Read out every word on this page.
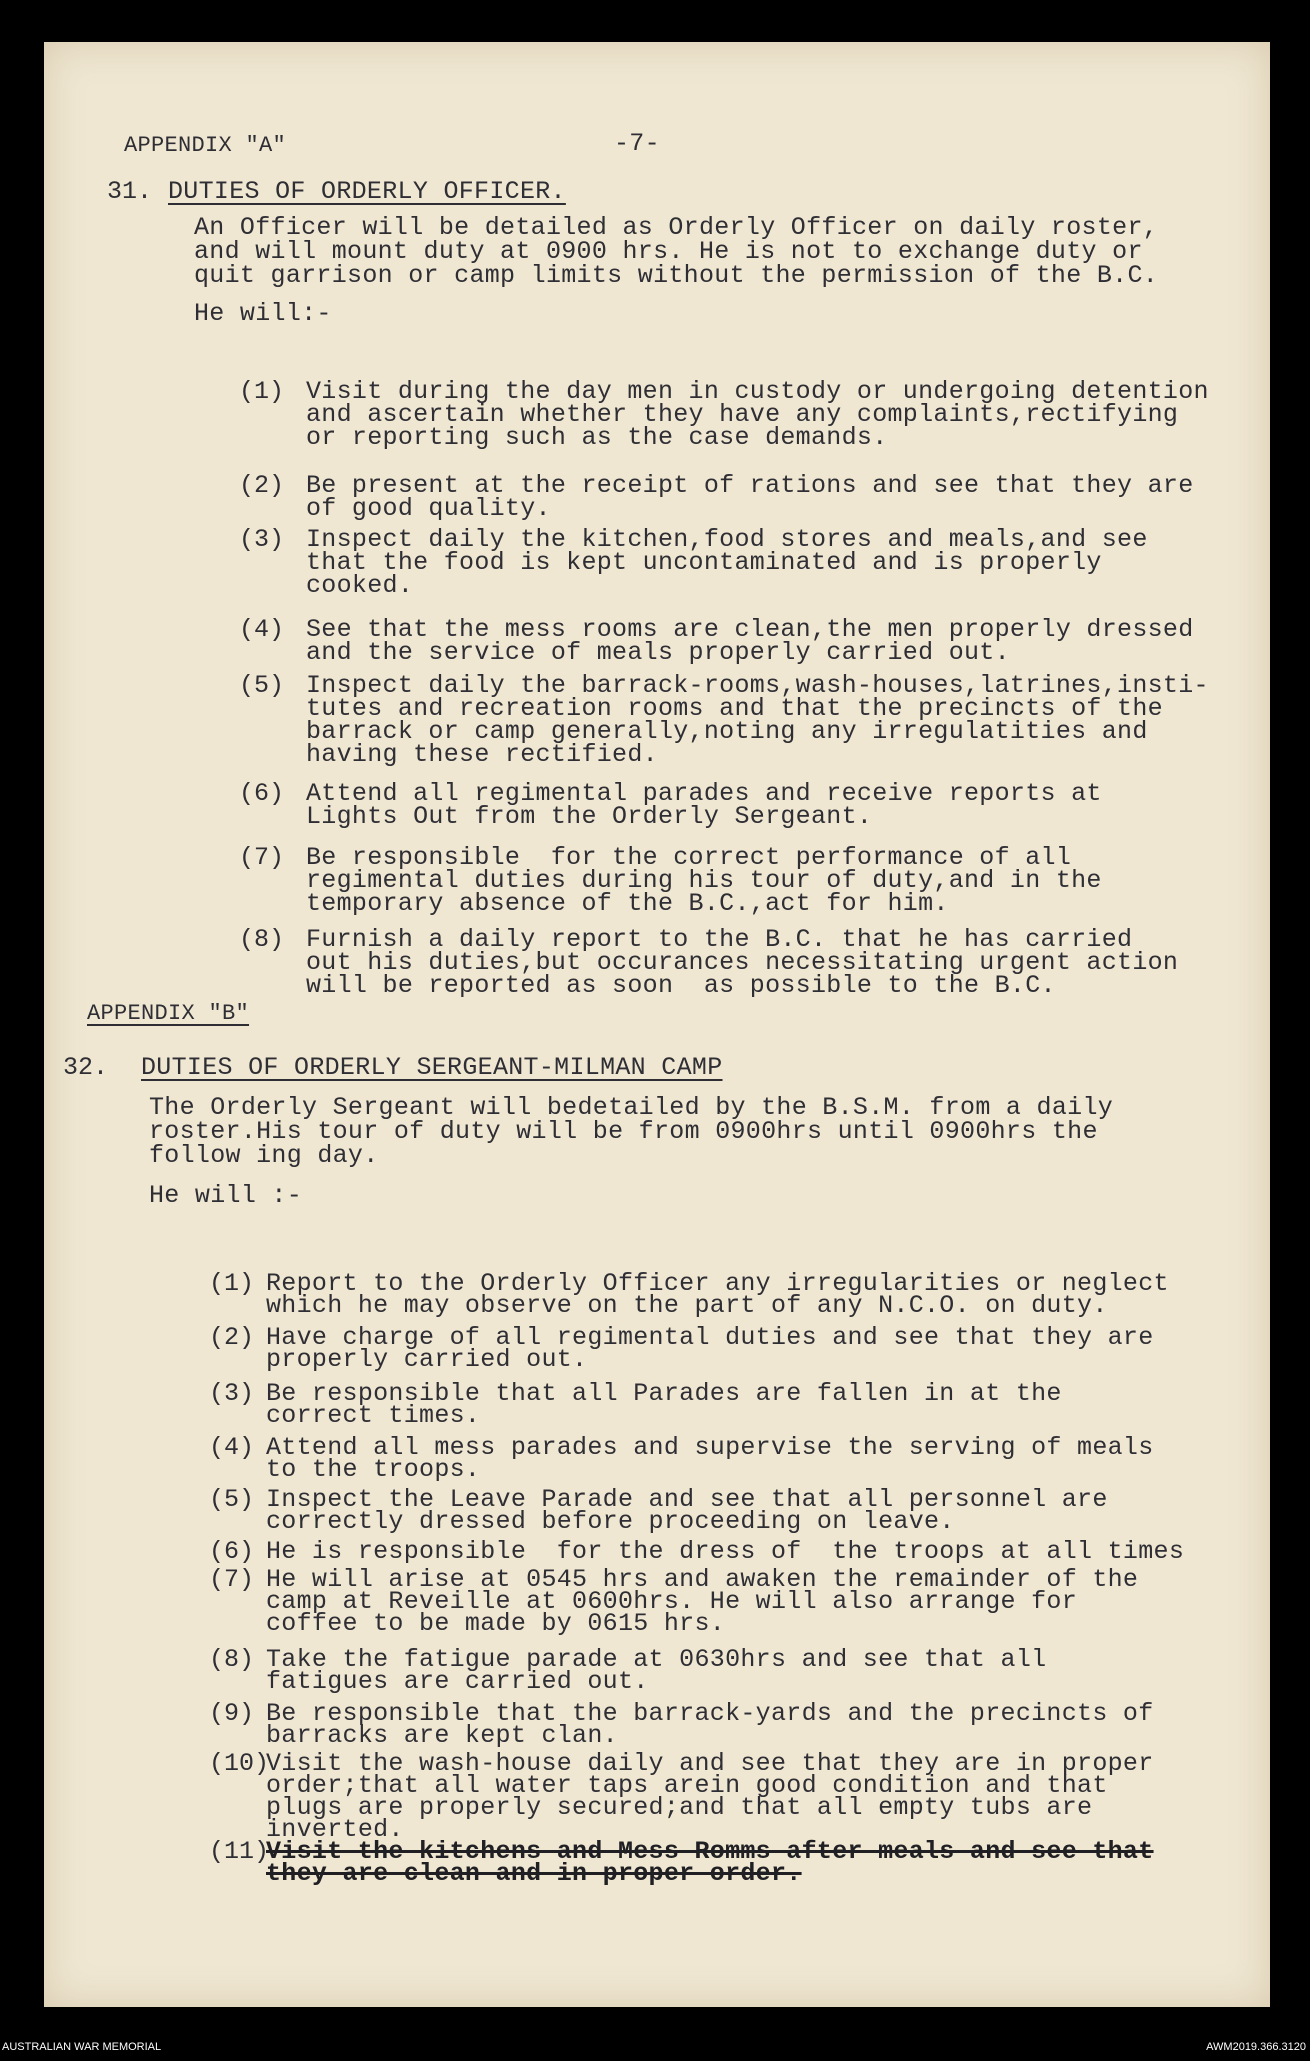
APPENDIX "A"	-7-
31. DUTIES OF ORDERLY OFFICER.
An Officer will be detailed as Orderly Officer on daily roster,
and will mount duty at 0900 hrs. He is not to exchange duty or
quit garrison or camp limits without the permission of the B.C.
He will:-
(1) Visit during the day men in custody or undergoing detention
and ascertain whether they have any complaints,rectifying
or reporting such as the case demands.
(2) Be present at the receipt of rations and see that they are
of good quality.
(3) Inspect daily the kitchen,food stores and meals,and see
that the food is kept uncontaminated and is properly
cooked.
(4) See that the mess rooms are clean,the men properly dressed
and the service of meals properly carried out.
(5) Inspect daily the barrack-rooms,wash-houses,latrines,insti-
tutes and recreation rooms and that the precincts of the
barrack or camp generally,noting any irregulatities and
having these rectified.
(6) Attend all regimental parades and receive reports at
Lights Out from the Orderly Sergeant.
(7) Be responsible  for the correct performance of all
regimental duties during his tour of duty,and in the
temporary absence of the B.C.,act for him.
(8) Furnish a daily report to the B.C. that he has carried
out his duties,but occurances necessitating urgent action
will be reported as soon  as possible to the B.C.
APPENDIX "B"
32. DUTIES OF ORDERLY SERGEANT-MILMAN CAMP
The Orderly Sergeant will bedetailed by the B.S.M. from a daily
roster.His tour of duty will be from 0900hrs until 0900hrs the
follow ing day.
He will :-
(1) Report to the Orderly Officer any irregularities or neglect
which he may observe on the part of any N.C.O. on duty.
(2) Have charge of all regimental duties and see that they are
properly carried out.
(3) Be responsible that all Parades are fallen in at the
correct times.
(4) Attend all mess parades and supervise the serving of meals
to the troops.
(5) Inspect the Leave Parade and see that all personnel are
correctly dressed before proceeding on leave.
(6) He is responsible  for the dress of  the troops at all times
(7) He will arise at 0545 hrs and awaken the remainder of the
camp at Reveille at 0600hrs. He will also arrange for
coffee to be made by 0615 hrs.
(8) Take the fatigue parade at 0630hrs and see that all
fatigues are carried out.
(9) Be responsible that the barrack-yards and the precincts of
barracks are kept clan.
(10)
Visit the wash-house daily and see that they are in proper
order;that all water taps arein good condition and that
plugs are properly secured;and that all empty tubs are
inverted.
(11)
Visit the kitchens and Mess Romms after meals and see that
they are clean and in proper order.
AUSTRALIAN WAR MEMORIAL	AWM2019.366.3120
